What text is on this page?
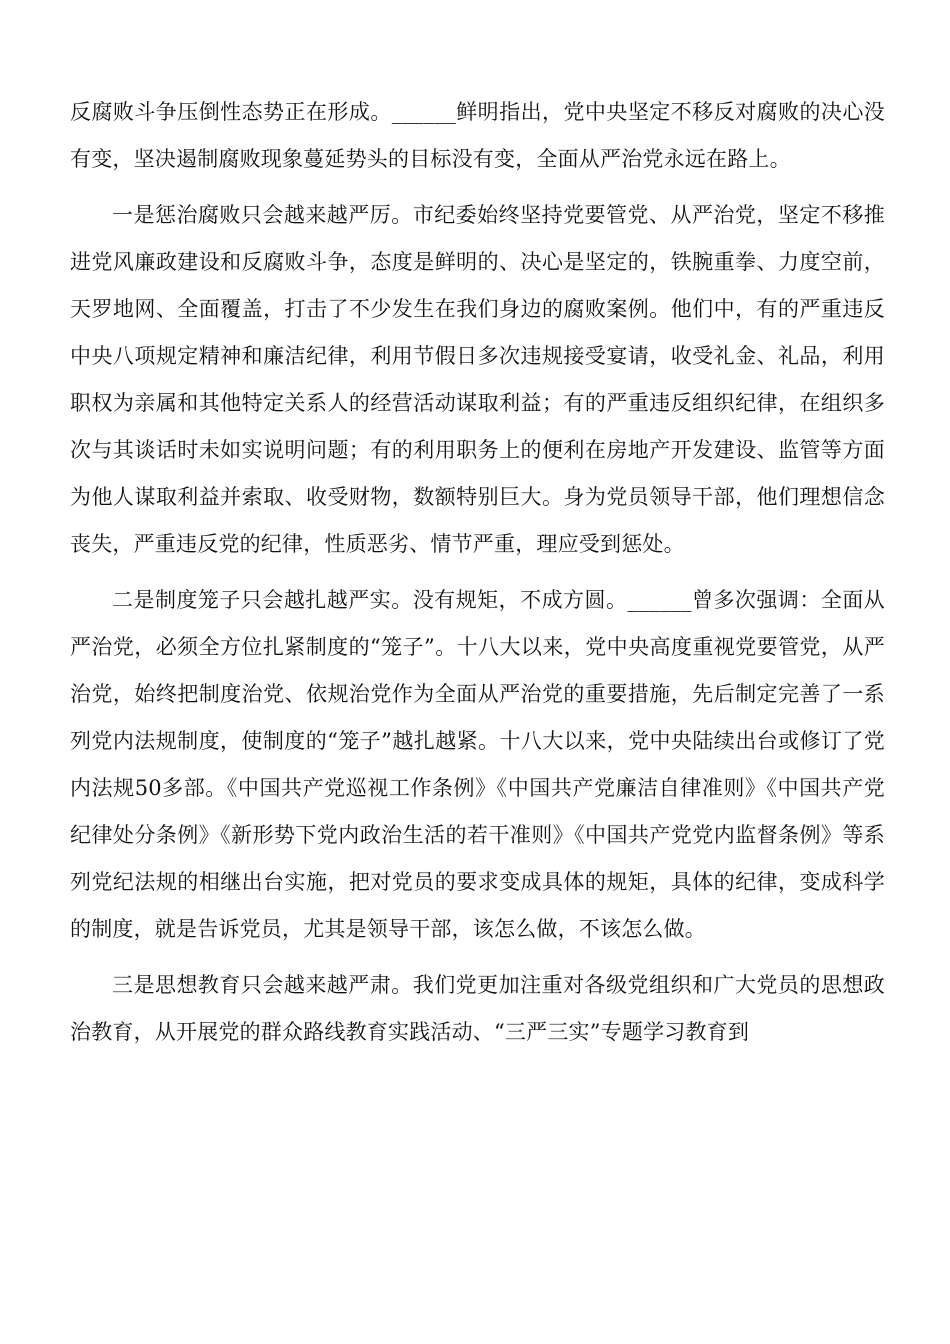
反腐败斗争压倒性态势正在形成。______鲜明指出，党中央坚定不移反对腐败的决心没有变，坚决遏制腐败现象蔓延势头的目标没有变，全面从严治党永远在路上。

一是惩治腐败只会越来越严厉。市纪委始终坚持党要管党、从严治党，坚定不移推进党风廉政建设和反腐败斗争，态度是鲜明的、决心是坚定的，铁腕重拳、力度空前，天罗地网、全面覆盖，打击了不少发生在我们身边的腐败案例。他们中，有的严重违反中央八项规定精神和廉洁纪律，利用节假日多次违规接受宴请，收受礼金、礼品，利用职权为亲属和其他特定关系人的经营活动谋取利益；有的严重违反组织纪律，在组织多次与其谈话时未如实说明问题；有的利用职务上的便利在房地产开发建设、监管等方面为他人谋取利益并索取、收受财物，数额特别巨大。身为党员领导干部，他们理想信念丧失，严重违反党的纪律，性质恶劣、情节严重，理应受到惩处。

二是制度笼子只会越扎越严实。没有规矩，不成方圆。______曾多次强调：全面从严治党，必须全方位扎紧制度的“笼子”。十八大以来，党中央高度重视党要管党，从严治党，始终把制度治党、依规治党作为全面从严治党的重要措施，先后制定完善了一系列党内法规制度，使制度的“笼子”越扎越紧。十八大以来，党中央陆续出台或修订了党内法规50多部。《中国共产党巡视工作条例》《中国共产党廉洁自律准则》《中国共产党纪律处分条例》《新形势下党内政治生活的若干准则》《中国共产党党内监督条例》等系列党纪法规的相继出台实施，把对党员的要求变成具体的规矩，具体的纪律，变成科学的制度，就是告诉党员，尤其是领导干部，该怎么做，不该怎么做。

三是思想教育只会越来越严肃。我们党更加注重对各级党组织和广大党员的思想政治教育，从开展党的群众路线教育实践活动、“三严三实”专题学习教育到
